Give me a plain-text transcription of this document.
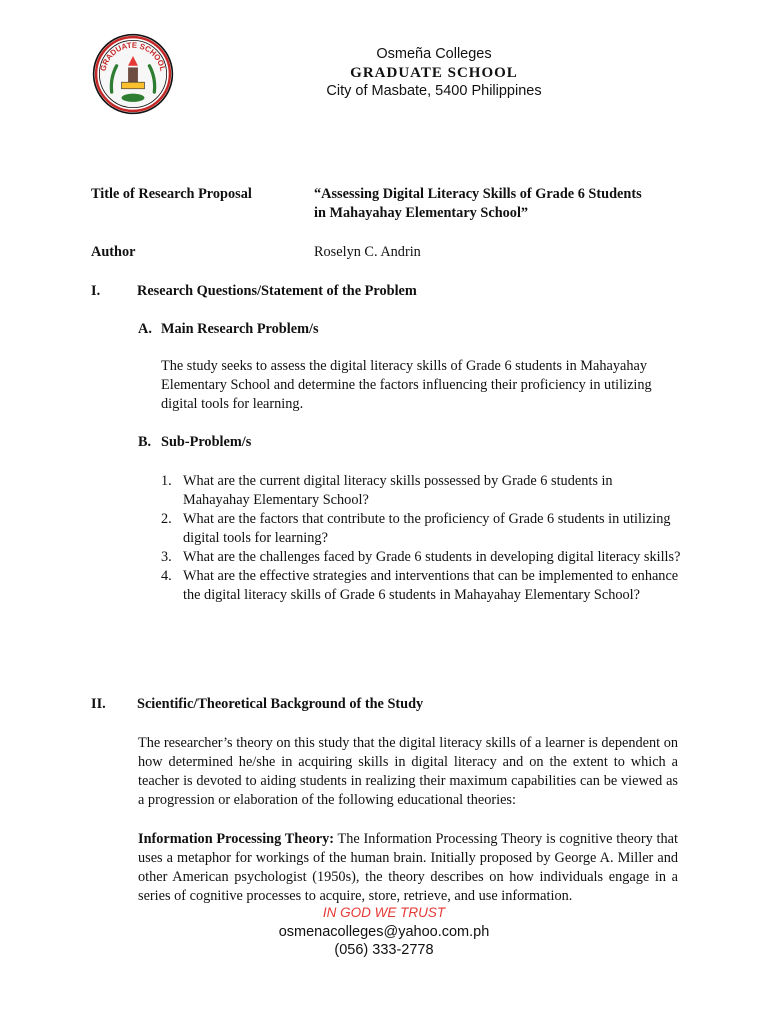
GRADUATE SCHOOL
Osmeña Colleges
GRADUATE SCHOOL
City of Masbate, 5400 Philippines
Title of Research Proposal	“Assessing Digital Literacy Skills of Grade 6 Students
in Mahayahay Elementary School”
Author	Roselyn C. Andrin
I.	Research Questions/Statement of the Problem
A. Main Research Problem/s
The study seeks to assess the digital literacy skills of Grade 6 students in Mahayahay Elementary School and determine the factors influencing their proficiency in utilizing digital tools for learning.
B. Sub-Problem/s
1. What are the current digital literacy skills possessed by Grade 6 students in Mahayahay Elementary School?
2. What are the factors that contribute to the proficiency of Grade 6 students in utilizing digital tools for learning?
3. What are the challenges faced by Grade 6 students in developing digital literacy skills?
4. What are the effective strategies and interventions that can be implemented to enhance the digital literacy skills of Grade 6 students in Mahayahay Elementary School?
II. Scientific/Theoretical Background of the Study
The researcher’s theory on this study that the digital literacy skills of a learner is dependent on how determined he/she in acquiring skills in digital literacy and on the extent to which a teacher is devoted to aiding students in realizing their maximum capabilities can be viewed as a progression or elaboration of the following educational theories:
Information Processing Theory: The Information Processing Theory is cognitive theory that uses a metaphor for workings of the human brain. Initially proposed by George A. Miller and other American psychologist (1950s), the theory describes on how individuals engage in a series of cognitive processes to acquire, store, retrieve, and use information.
IN GOD WE TRUST
osmenacolleges@yahoo.com.ph
(056) 333-2778
